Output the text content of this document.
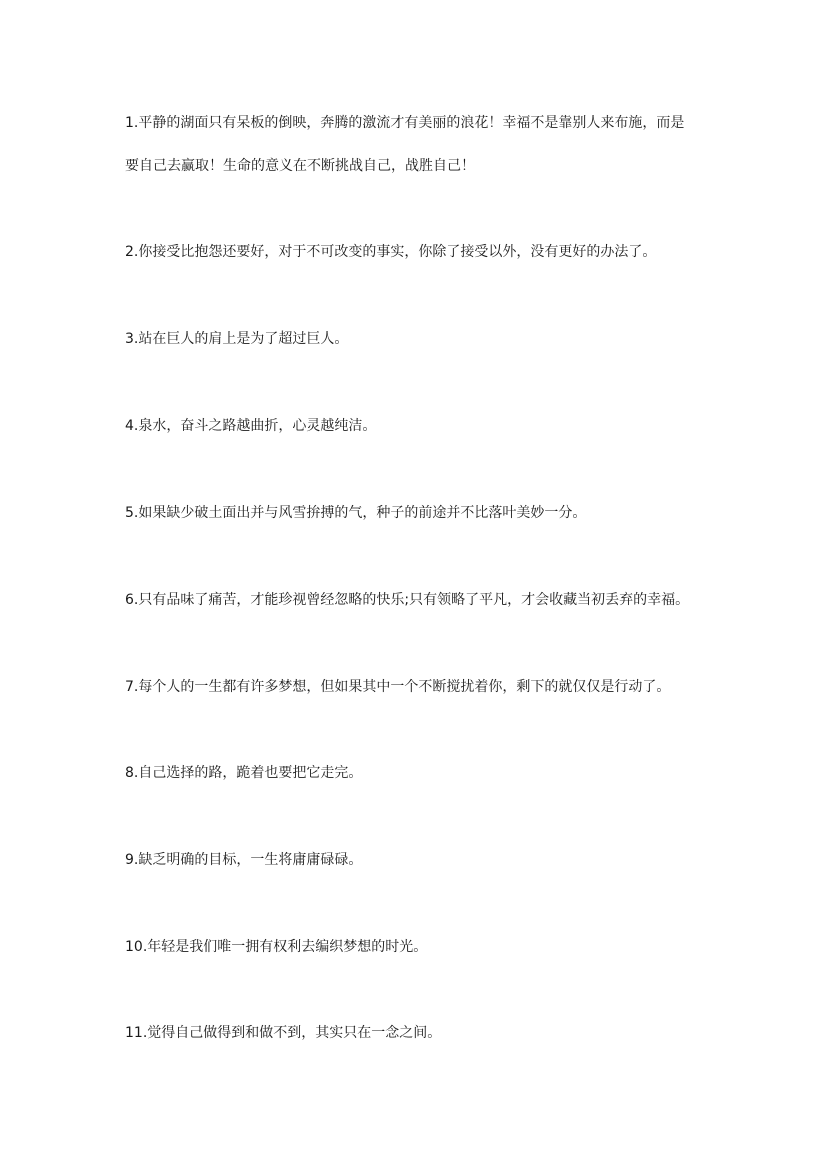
1.平静的湖面只有呆板的倒映，奔腾的激流才有美丽的浪花！幸福不是靠别人来布施，而是
要自己去赢取！生命的意义在不断挑战自己，战胜自己！
2.你接受比抱怨还要好，对于不可改变的事实，你除了接受以外，没有更好的办法了。
3.站在巨人的肩上是为了超过巨人。
4.泉水，奋斗之路越曲折，心灵越纯洁。
5.如果缺少破土面出并与风雪拚搏的气，种子的前途并不比落叶美妙一分。
6.只有品味了痛苦，才能珍视曾经忽略的快乐;只有领略了平凡，才会收藏当初丢弃的幸福。
7.每个人的一生都有许多梦想，但如果其中一个不断搅扰着你，剩下的就仅仅是行动了。
8.自己选择的路，跪着也要把它走完。
9.缺乏明确的目标，一生将庸庸碌碌。
10.年轻是我们唯一拥有权利去编织梦想的时光。
11.觉得自己做得到和做不到，其实只在一念之间。
